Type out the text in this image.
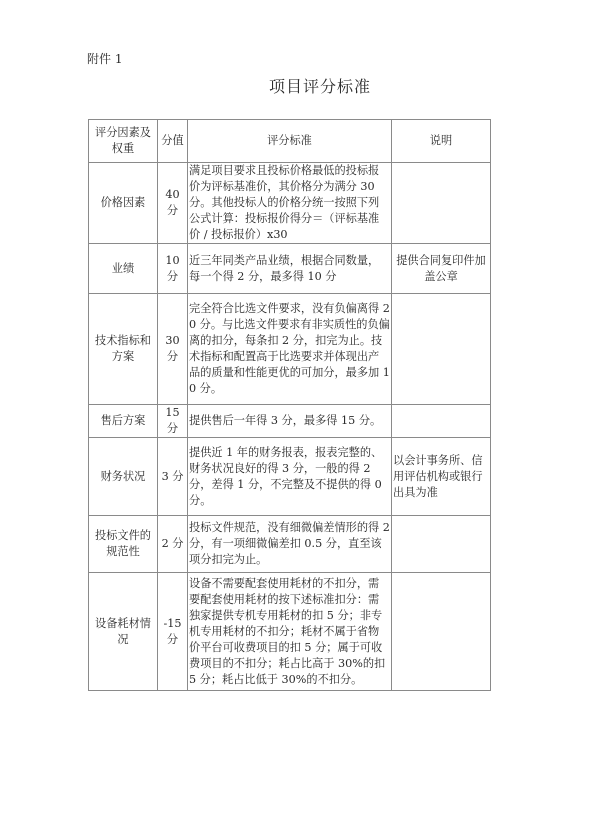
附件 1
项目评分标准
评分因素及权重	分值	评分标准	说明
价格因素	40 分	满足项目要求且投标价格最低的投标报价为评标基准价，其价格分为满分 30 分。其他投标人的价格分统一按照下列公式计算：投标报价得分＝（评标基准价 / 投标报价）x30	
业绩	10 分	近三年同类产品业绩，根据合同数量，每一个得 2 分，最多得 10 分	提供合同复印件加盖公章
技术指标和方案	30 分	完全符合比选文件要求，没有负偏离得 20 分。与比选文件要求有非实质性的负偏离的扣分，每条扣 2 分，扣完为止。技术指标和配置高于比选要求并体现出产品的质量和性能更优的可加分，最多加 10 分。	
售后方案	15 分	提供售后一年得 3 分，最多得 15 分。	
财务状况	3 分	提供近 1 年的财务报表，报表完整的、财务状况良好的得 3 分，一般的得 2 分，差得 1 分，不完整及不提供的得 0 分。	以会计事务所、信用评估机构或银行出具为准
投标文件的规范性	2 分	投标文件规范，没有细微偏差情形的得 2 分，有一项细微偏差扣 0.5 分，直至该项分扣完为止。	
设备耗材情况	-15 分	设备不需要配套使用耗材的不扣分，需要配套使用耗材的按下述标准扣分：需独家提供专机专用耗材的扣 5 分；非专机专用耗材的不扣分；耗材不属于省物价平台可收费项目的扣 5 分；属于可收费项目的不扣分；耗占比高于 30%的扣 5 分；耗占比低于 30%的不扣分。	
